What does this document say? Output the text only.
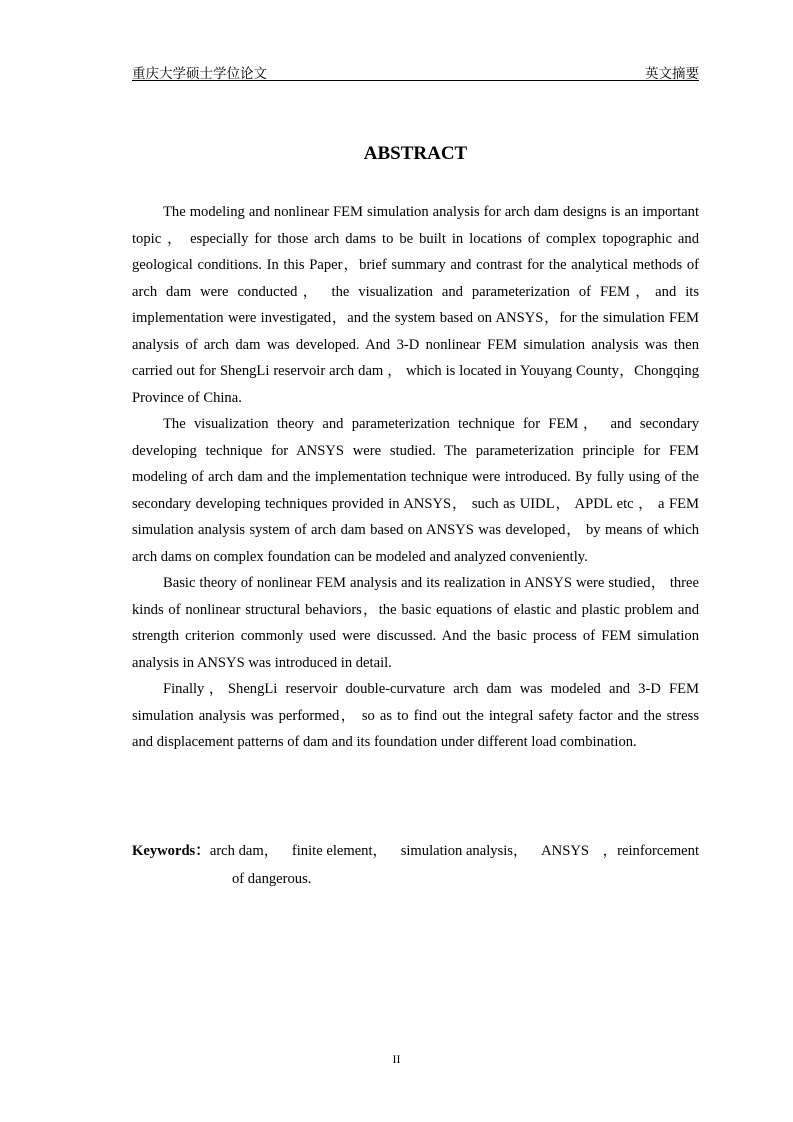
重庆大学硕士学位论文	英文摘要
ABSTRACT

The modeling and nonlinear FEM simulation analysis for arch dam designs is an important topic ， especially for those arch dams to be built in locations of complex topographic and geological conditions. In this Paper，brief summary and contrast for the analytical methods of arch dam were conducted， the visualization and parameterization of FEM，and its implementation were investigated，and the system based on ANSYS，for the simulation FEM analysis of arch dam was developed. And 3-D nonlinear FEM simulation analysis was then carried out for ShengLi reservoir arch dam ， which is located in Youyang County，Chongqing Province of China.

The visualization theory and parameterization technique for FEM， and secondary developing technique for ANSYS were studied. The parameterization principle for FEM modeling of arch dam and the implementation technique were introduced. By fully using of the secondary developing techniques provided in ANSYS， such as UIDL， APDL etc ， a FEM simulation analysis system of arch dam based on ANSYS was developed， by means of which arch dams on complex foundation can be modeled and analyzed conveniently.

Basic theory of nonlinear FEM analysis and its realization in ANSYS were studied， three kinds of nonlinear structural behaviors，the basic equations of elastic and plastic problem and strength criterion commonly used were discussed. And the basic process of FEM simulation analysis in ANSYS was introduced in detail.

Finally，ShengLi reservoir double-curvature arch dam was modeled and 3-D FEM simulation analysis was performed， so as to find out the integral safety factor and the stress and displacement patterns of dam and its foundation under different load combination.

Keywords：arch dam， finite element， simulation analysis， ANSYS ，reinforcement
of dangerous.
II
